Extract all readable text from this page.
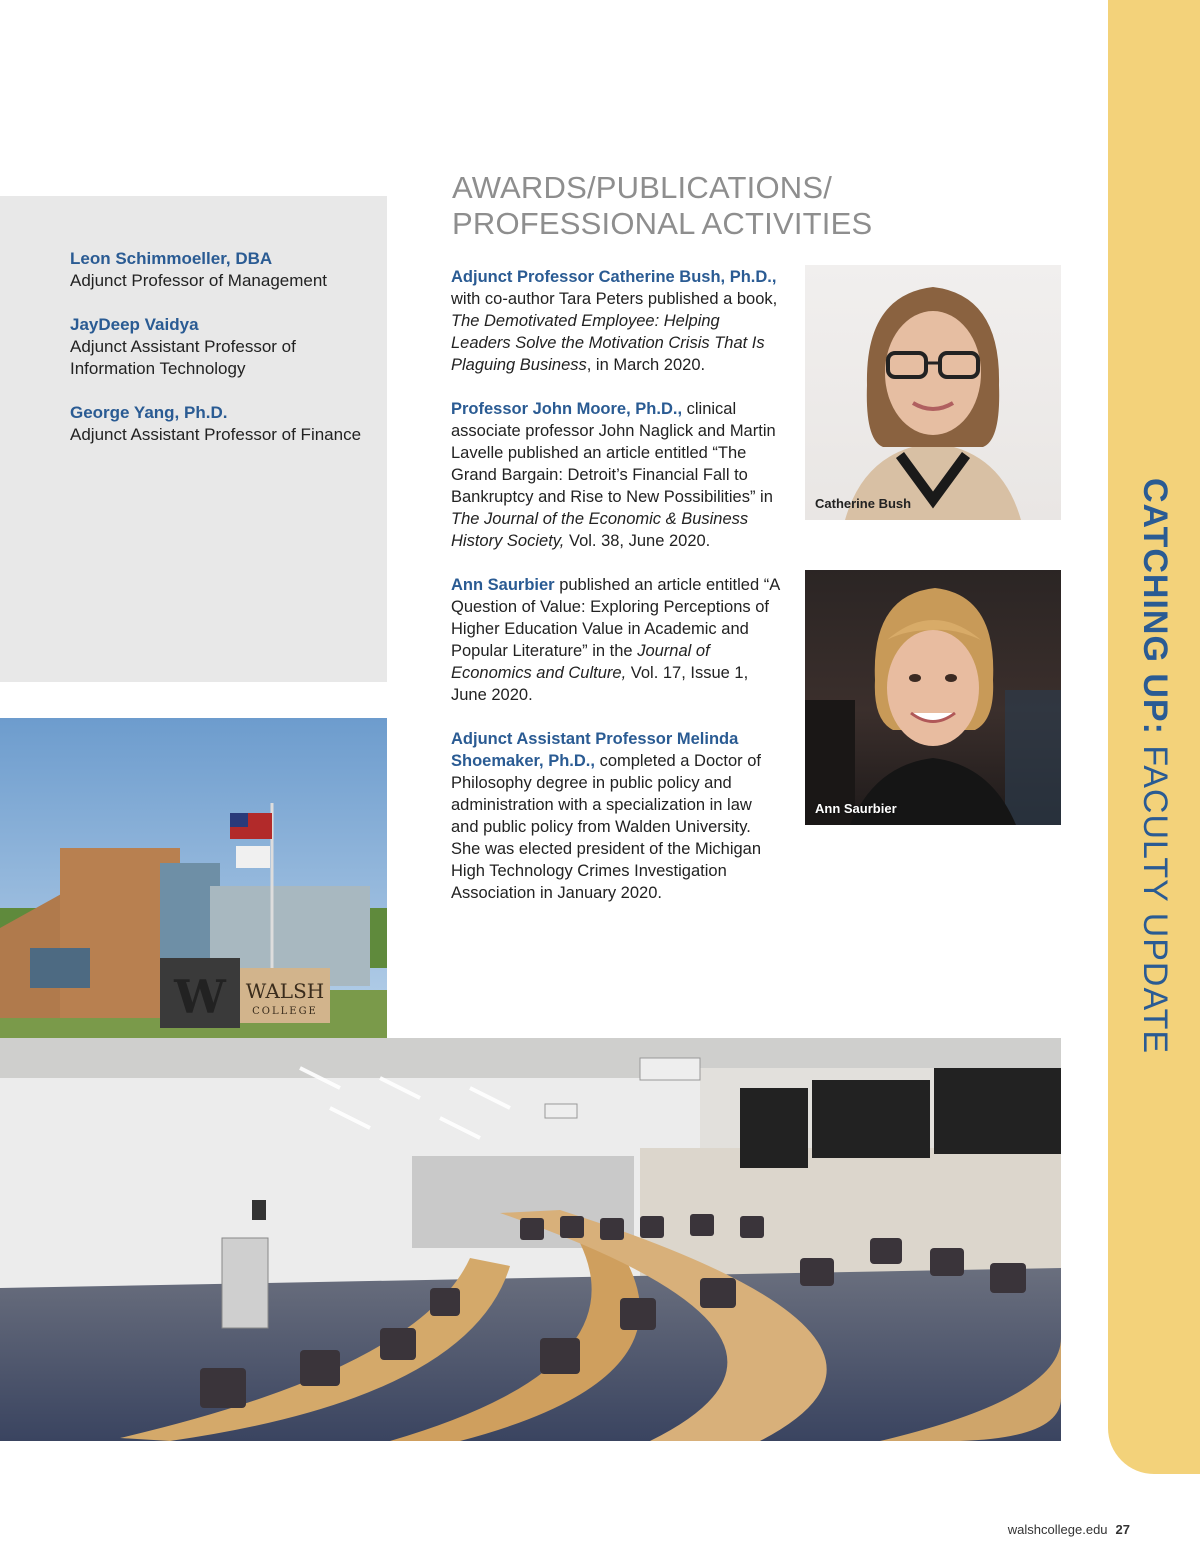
Leon Schimmoeller, DBA
Adjunct Professor of Management
JayDeep Vaidya
Adjunct Assistant Professor of Information Technology
George Yang, Ph.D.
Adjunct Assistant Professor of Finance
AWARDS/PUBLICATIONS/
PROFESSIONAL ACTIVITIES

Adjunct Professor Catherine Bush, Ph.D., with co-author Tara Peters published a book, The Demotivated Employee: Helping Leaders Solve the Motivation Crisis That Is Plaguing Business, in March 2020.

Professor John Moore, Ph.D., clinical associate professor John Naglick and Martin Lavelle published an article entitled “The Grand Bargain: Detroit’s Financial Fall to Bankruptcy and Rise to New Possibilities” in The Journal of the Economic & Business History Society, Vol. 38, June 2020.

Ann Saurbier published an article entitled “A Question of Value: Exploring Perceptions of Higher Education Value in Academic and Popular Literature” in the Journal of Economics and Culture, Vol. 17, Issue 1, June 2020.

Adjunct Assistant Professor Melinda Shoemaker, Ph.D., completed a Doctor of Philosophy degree in public policy and administration with a specialization in law and public policy from Walden University. She was elected president of the Michigan High Technology Crimes Investigation Association in January 2020.

Catherine Bush
Ann Saurbier
WALSH
COLLEGE
W
CATCHING UP: FACULTY UPDATE
walshcollege.edu 27
